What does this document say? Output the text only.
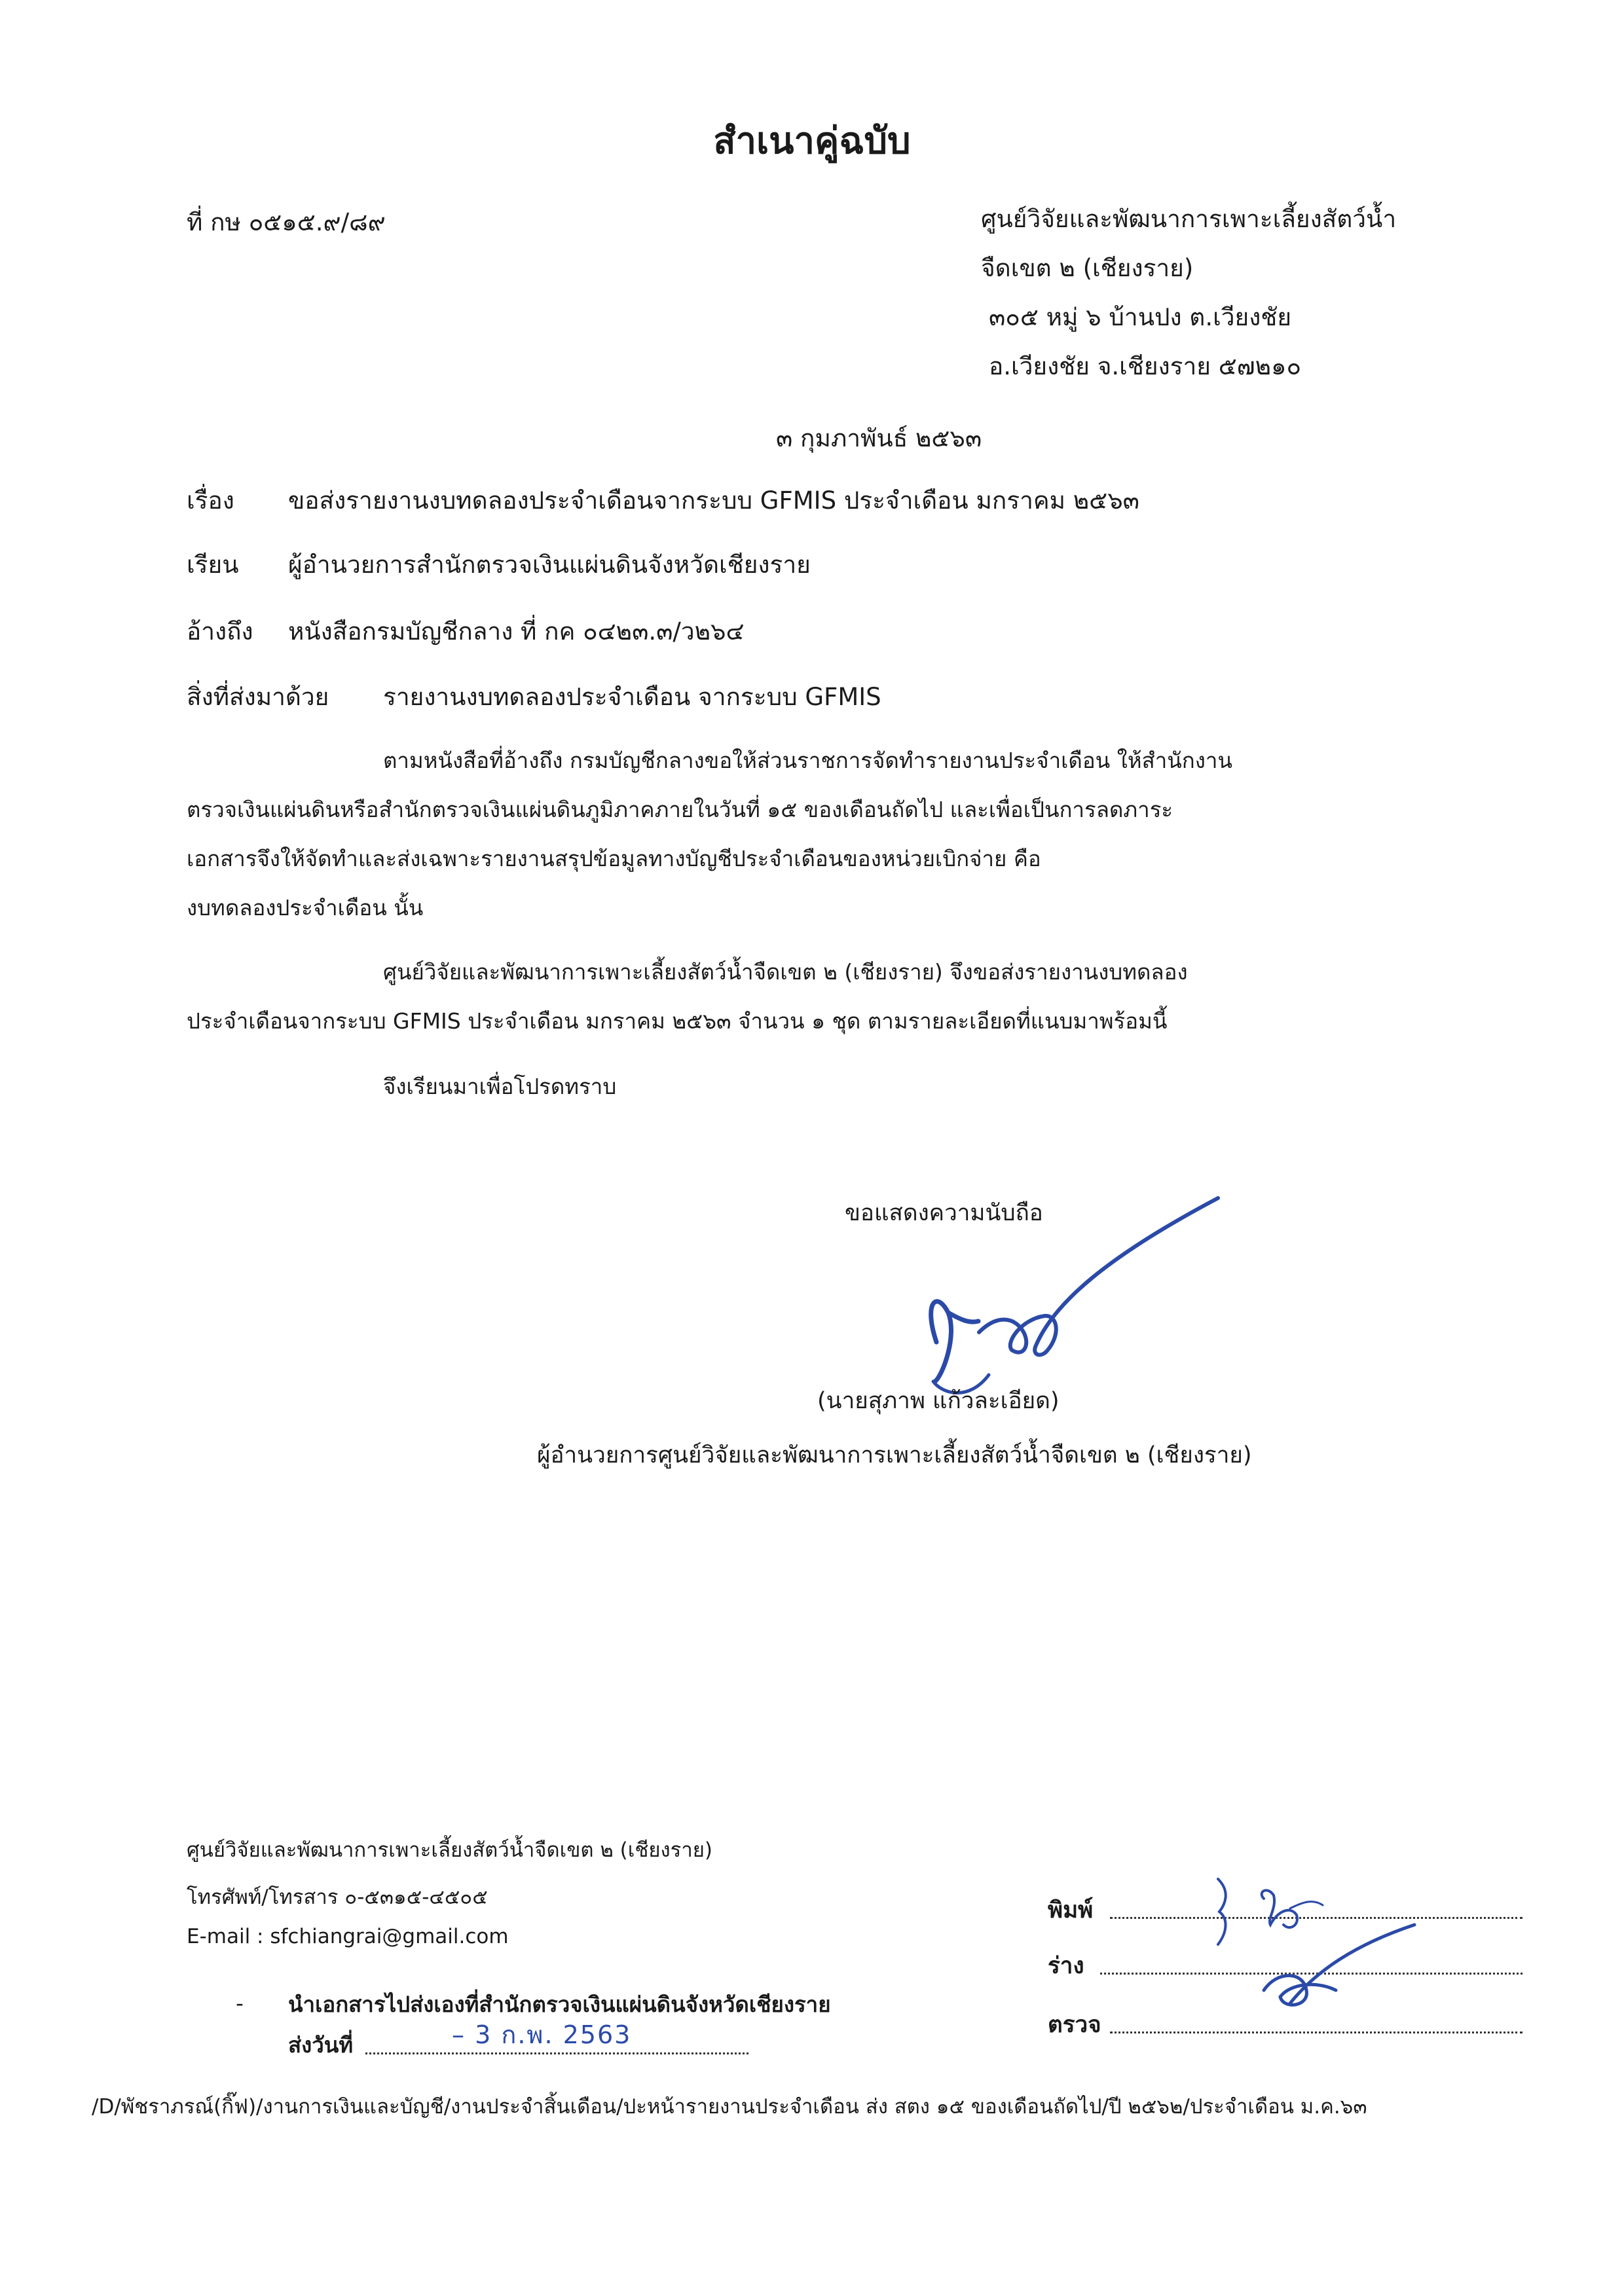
สำเนาคู่ฉบับ
ที่ กษ ๐๕๑๕.๙/๘๙	ศูนย์วิจัยและพัฒนาการเพาะเลี้ยงสัตว์น้ำ
จืดเขต ๒ (เชียงราย)
๓๐๕ หมู่ ๖ บ้านปง ต.เวียงชัย
อ.เวียงชัย จ.เชียงราย ๕๗๒๑๐
๓ กุมภาพันธ์ ๒๕๖๓
เรื่อง ขอส่งรายงานงบทดลองประจำเดือนจากระบบ GFMIS ประจำเดือน มกราคม ๒๕๖๓
เรียน ผู้อำนวยการสำนักตรวจเงินแผ่นดินจังหวัดเชียงราย
อ้างถึง หนังสือกรมบัญชีกลาง ที่ กค ๐๔๒๓.๓/ว๒๖๔
สิ่งที่ส่งมาด้วย รายงานงบทดลองประจำเดือน จากระบบ GFMIS
ตามหนังสือที่อ้างถึง กรมบัญชีกลางขอให้ส่วนราชการจัดทำรายงานประจำเดือน ให้สำนักงาน
ตรวจเงินแผ่นดินหรือสำนักตรวจเงินแผ่นดินภูมิภาคภายในวันที่ ๑๕ ของเดือนถัดไป และเพื่อเป็นการลดภาระ
เอกสารจึงให้จัดทำและส่งเฉพาะรายงานสรุปข้อมูลทางบัญชีประจำเดือนของหน่วยเบิกจ่าย คือ
งบทดลองประจำเดือน นั้น
ศูนย์วิจัยและพัฒนาการเพาะเลี้ยงสัตว์น้ำจืดเขต ๒ (เชียงราย) จึงขอส่งรายงานงบทดลอง
ประจำเดือนจากระบบ GFMIS ประจำเดือน มกราคม ๒๕๖๓ จำนวน ๑ ชุด ตามรายละเอียดที่แนบมาพร้อมนี้
จึงเรียนมาเพื่อโปรดทราบ
ขอแสดงความนับถือ
(นายสุภาพ แก้วละเอียด)
ผู้อำนวยการศูนย์วิจัยและพัฒนาการเพาะเลี้ยงสัตว์น้ำจืดเขต ๒ (เชียงราย)
ศูนย์วิจัยและพัฒนาการเพาะเลี้ยงสัตว์น้ำจืดเขต ๒ (เชียงราย)
โทรศัพท์/โทรสาร ๐-๕๓๑๕-๔๕๐๕
E-mail : sfchiangrai@gmail.com
- นำเอกสารไปส่งเองที่สำนักตรวจเงินแผ่นดินจังหวัดเชียงราย
ส่งวันที่	– 3 ก.พ. 2563
พิมพ์
ร่าง
ตรวจ
/D/พัชราภรณ์(กิ๊ฟ)/งานการเงินและบัญชี/งานประจำสิ้นเดือน/ปะหน้ารายงานประจำเดือน ส่ง สตง ๑๕ ของเดือนถัดไป/ปี ๒๕๖๒/ประจำเดือน ม.ค.๖๓
